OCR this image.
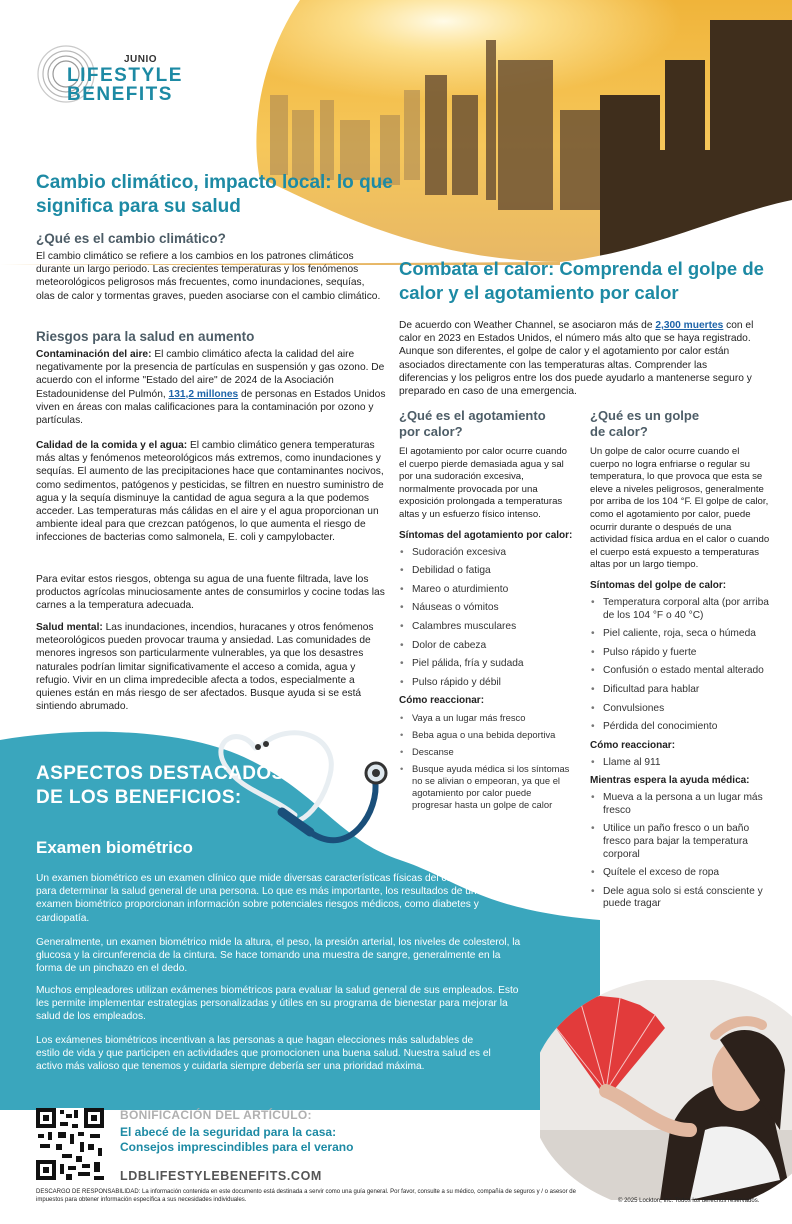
JUNIO
LIFESTYLE
BENEFITS
Cambio climático, impacto local: lo que significa para su salud
¿Qué es el cambio climático?
El cambio climático se refiere a los cambios en los patrones climáticos durante un largo periodo. Las crecientes temperaturas y los fenómenos meteorológicos peligrosos más frecuentes, como inundaciones, sequías, olas de calor y tormentas graves, pueden asociarse con el cambio climático.
Riesgos para la salud en aumento

Contaminación del aire: El cambio climático afecta la calidad del aire negativamente por la presencia de partículas en suspensión y gas ozono. De acuerdo con el informe "Estado del aire" de 2024 de la Asociación Estadounidense del Pulmón, 131,2 millones de personas en Estados Unidos viven en áreas con malas calificaciones para la contaminación por ozono y partículas.

Calidad de la comida y el agua: El cambio climático genera temperaturas más altas y fenómenos meteorológicos más extremos, como inundaciones y sequías. El aumento de las precipitaciones hace que contaminantes nocivos, como sedimentos, patógenos y pesticidas, se filtren en nuestro suministro de agua y la sequía disminuye la cantidad de agua segura a la que podemos acceder. Las temperaturas más cálidas en el aire y el agua proporcionan un ambiente ideal para que crezcan patógenos, lo que aumenta el riesgo de infecciones de bacterias como salmonela, E. coli y campylobacter.

Para evitar estos riesgos, obtenga su agua de una fuente filtrada, lave los productos agrícolas minuciosamente antes de consumirlos y cocine todas las carnes a la temperatura adecuada.

Salud mental: Las inundaciones, incendios, huracanes y otros fenómenos meteorológicos pueden provocar trauma y ansiedad. Las comunidades de menores ingresos son particularmente vulnerables, ya que los desastres naturales podrían limitar significativamente el acceso a comida, agua y refugio. Vivir en un clima impredecible afecta a todos, especialmente a quienes están en más riesgo de ser afectados. Busque ayuda si se está sintiendo abrumado.

Combata el calor: Comprenda el golpe de calor y el agotamiento por calor

De acuerdo con Weather Channel, se asociaron más de 2,300 muertes con el calor en 2023 en Estados Unidos, el número más alto que se haya registrado. Aunque son diferentes, el golpe de calor y el agotamiento por calor están asociados directamente con las temperaturas altas. Comprender las diferencias y los peligros entre los dos puede ayudarlo a mantenerse seguro y preparado en caso de una emergencia.

¿Qué es el agotamiento

por calor?

El agotamiento por calor ocurre cuando el cuerpo pierde demasiada agua y sal por una sudoración excesiva, normalmente provocada por una exposición prolongada a temperaturas altas y un esfuerzo físico intenso.

Síntomas del agotamiento por calor:

• Sudoración excesiva
• Debilidad o fatiga
• Mareo o aturdimiento
• Náuseas o vómitos
• Calambres musculares
• Dolor de cabeza
• Piel pálida, fría y sudada
• Pulso rápido y débil

Cómo reaccionar:

• Vaya a un lugar más fresco
• Beba agua o una bebida deportiva
• Descanse
• Busque ayuda médica si los síntomas no se alivian o empeoran, ya que el agotamiento por calor puede progresar hasta un golpe de calor

¿Qué es un golpe

de calor?

Un golpe de calor ocurre cuando el cuerpo no logra enfriarse o regular su temperatura, lo que provoca que esta se eleve a niveles peligrosos, generalmente por arriba de los 104 °F. El golpe de calor, como el agotamiento por calor, puede ocurrir durante o después de una actividad física ardua en el calor o cuando el cuerpo está expuesto a temperaturas altas por un largo tiempo.

Síntomas del golpe de calor:

• Temperatura corporal alta (por arriba de los 104 °F o 40 °C)
• Piel caliente, roja, seca o húmeda
• Pulso rápido y fuerte
• Confusión o estado mental alterado
• Dificultad para hablar
• Convulsiones
• Pérdida del conocimiento

Cómo reaccionar:

• Llame al 911

Mientras espera la ayuda médica:

• Mueva a la persona a un lugar más fresco
• Utilice un paño fresco o un baño fresco para bajar la temperatura corporal
• Quítele el exceso de ropa
• Dele agua solo si está consciente y puede tragar
ASPECTOS DESTACADOS DE LOS BENEFICIOS:
Examen biométrico
Un examen biométrico es un examen clínico que mide diversas características físicas del cuerpo, para determinar la salud general de una persona. Lo que es más importante, los resultados de un examen biométrico proporcionan información sobre potenciales riesgos médicos, como diabetes y cardiopatía.
Generalmente, un examen biométrico mide la altura, el peso, la presión arterial, los niveles de colesterol, la glucosa y la circunferencia de la cintura. Se hace tomando una muestra de sangre, generalmente en la forma de un pinchazo en el dedo.
Muchos empleadores utilizan exámenes biométricos para evaluar la salud general de sus empleados. Esto les permite implementar estrategias personalizadas y útiles en su programa de bienestar para mejorar la salud de los empleados.
Los exámenes biométricos incentivan a las personas a que hagan elecciones más saludables de estilo de vida y que participen en actividades que promocionen una buena salud. Nuestra salud es el activo más valioso que tenemos y cuidarla siempre debería ser una prioridad máxima.
BONIFICACIÓN DEL ARTÍCULO:
El abecé de la seguridad para la casa:
Consejos imprescindibles para el verano
LDBLIFESTYLEBENEFITS.COM
DESCARGO DE RESPONSABILIDAD: La información contenida en este documento está destinada a servir como una guía general. Por favor, consulte a su médico, compañía de seguros y / o asesor de impuestos para obtener información específica a sus necesidades individuales.	© 2025 Lockton, Inc. Todos los derechos reservados.
